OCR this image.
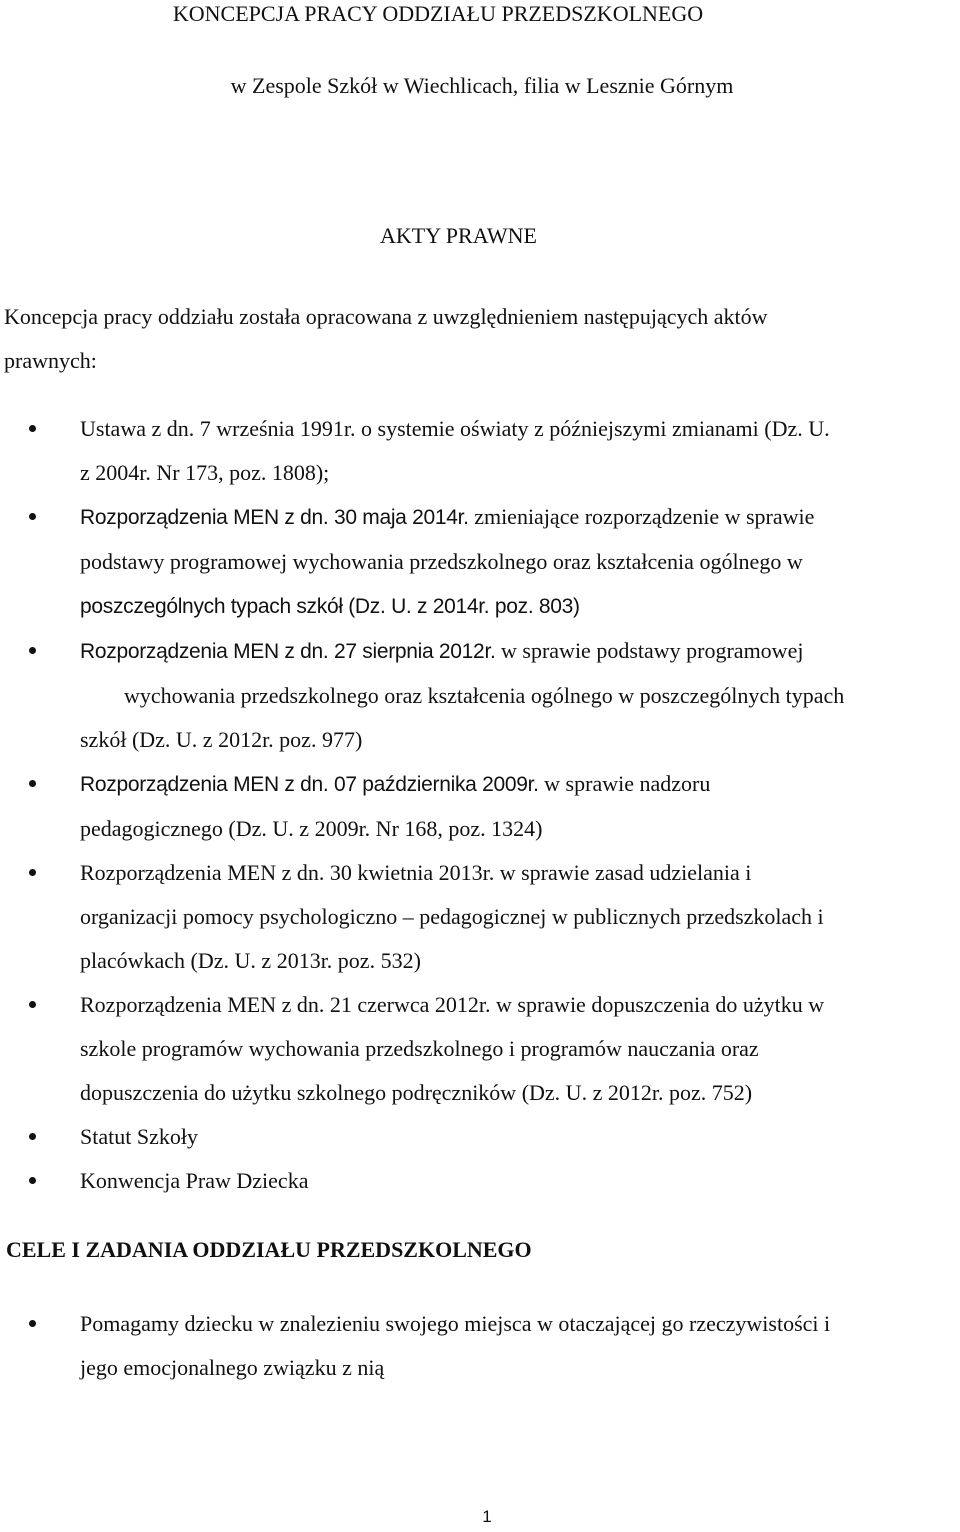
KONCEPCJA PRACY ODDZIAŁU PRZEDSZKOLNEGO
w Zespole Szkół w Wiechlicach, filia w Lesznie Górnym
AKTY PRAWNE
Koncepcja pracy oddziału została opracowana z uwzględnieniem następujących aktów
prawnych:
Ustawa z dn. 7 września 1991r. o systemie oświaty z późniejszymi zmianami (Dz. U.
z 2004r. Nr 173, poz. 1808);
Rozporządzenia MEN z dn. 30 maja 2014r. zmieniające rozporządzenie w sprawie
podstawy programowej wychowania przedszkolnego oraz kształcenia ogólnego w
poszczególnych typach szkół (Dz. U. z 2014r. poz. 803)
Rozporządzenia MEN z dn. 27 sierpnia 2012r. w sprawie podstawy programowej
wychowania przedszkolnego oraz kształcenia ogólnego w poszczególnych typach
szkół (Dz. U. z 2012r. poz. 977)
Rozporządzenia MEN z dn. 07 października 2009r. w sprawie nadzoru
pedagogicznego (Dz. U. z 2009r. Nr 168, poz. 1324)
Rozporządzenia MEN z dn. 30 kwietnia 2013r. w sprawie zasad udzielania i
organizacji pomocy psychologiczno – pedagogicznej w publicznych przedszkolach i
placówkach (Dz. U. z 2013r. poz. 532)
Rozporządzenia MEN z dn. 21 czerwca 2012r. w sprawie dopuszczenia do użytku w
szkole programów wychowania przedszkolnego i programów nauczania oraz
dopuszczenia do użytku szkolnego podręczników (Dz. U. z 2012r. poz. 752)
Statut Szkoły
Konwencja Praw Dziecka
CELE I ZADANIA ODDZIAŁU PRZEDSZKOLNEGO
Pomagamy dziecku w znalezieniu swojego miejsca w otaczającej go rzeczywistości i
jego emocjonalnego związku z nią
1
